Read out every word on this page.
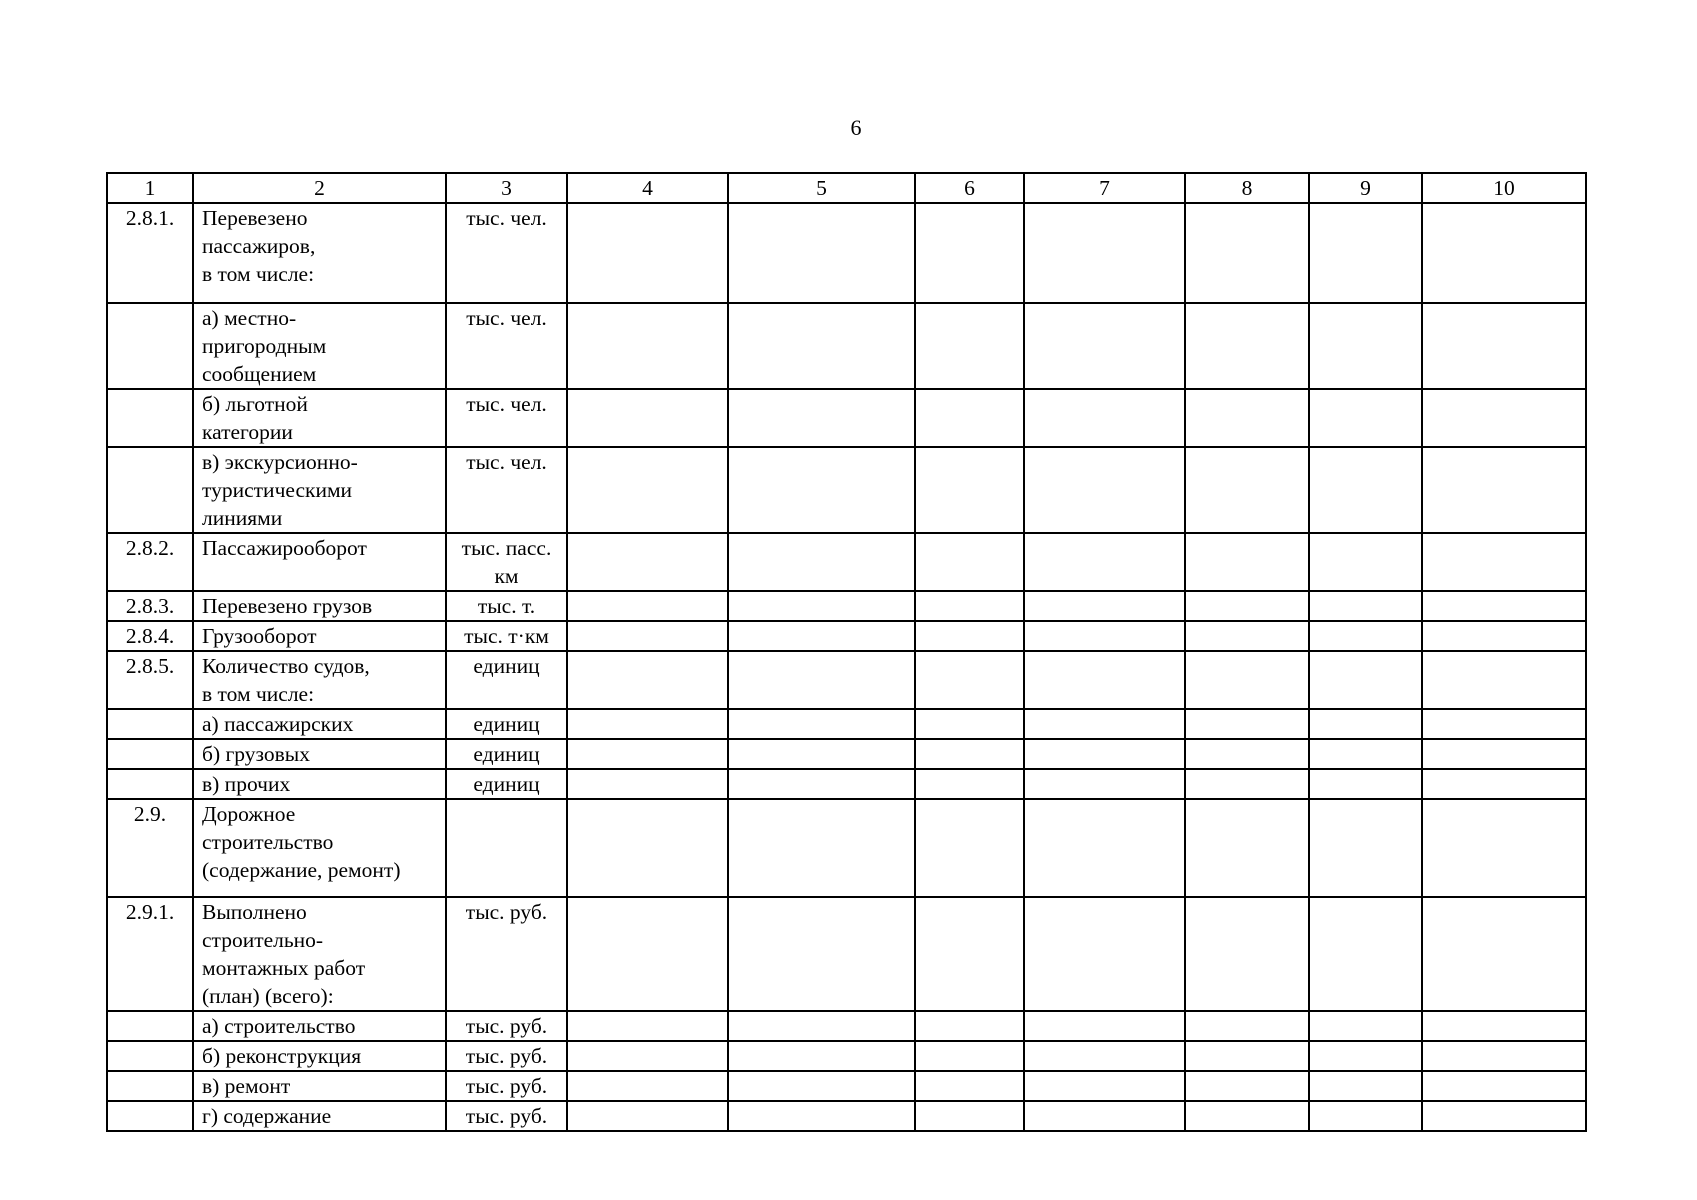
6
1	2	3	4	5	6	7	8	9	10
2.8.1.	Перевезено
пассажиров,
в том числе:	тыс. чел.							

	а) местно-
пригородным
сообщением	тыс. чел.							

	б) льготной
категории	тыс. чел.							

	в) экскурсионно-
туристическими
линиями	тыс. чел.							

2.8.2.	Пассажирооборот	тыс. пасс.
км							

2.8.3.	Перевезено грузов	тыс. т.							

2.8.4.	Грузооборот	тыс. т·км							

2.8.5.	Количество судов,
в том числе:	единиц							

	а) пассажирских	единиц							

	б) грузовых	единиц							

	в) прочих	единиц							

2.9.	Дорожное
строительство
(содержание, ремонт)								

2.9.1.	Выполнено
строительно-
монтажных работ
(план) (всего):	тыс. руб.							

	а) строительство	тыс. руб.							

	б) реконструкция	тыс. руб.							

	в) ремонт	тыс. руб.							

	г) содержание	тыс. руб.							
